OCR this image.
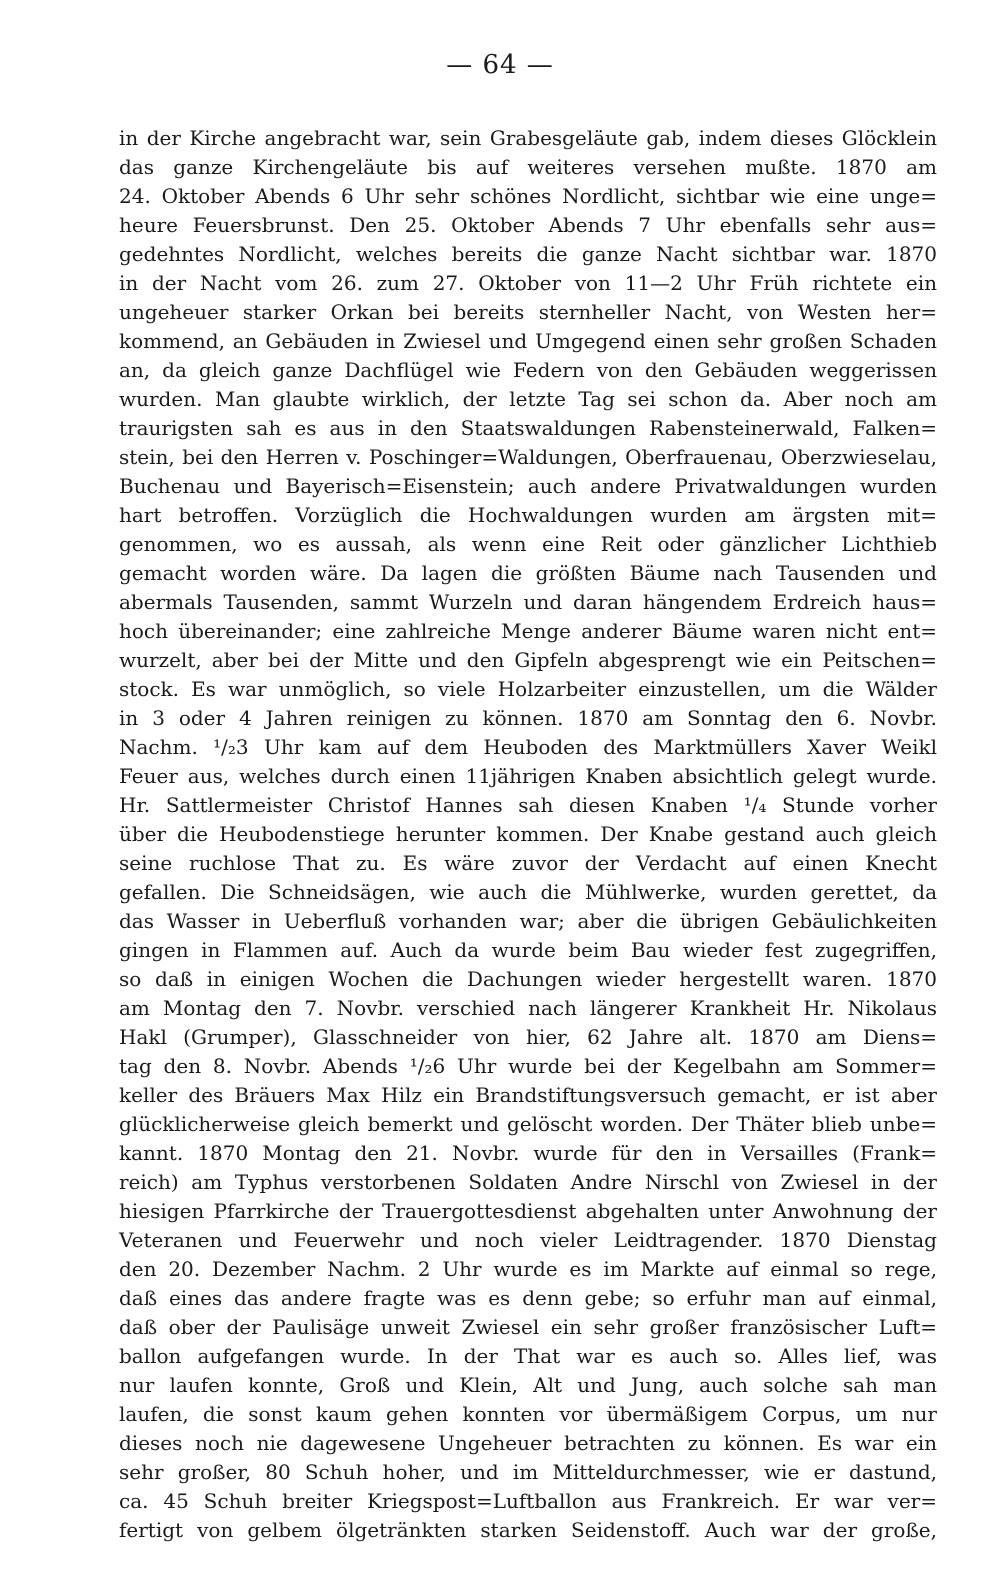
— 64 —
in der Kirche angebracht war, sein Grabesgeläute gab, indem dieses Glöcklein
das ganze Kirchengeläute bis auf weiteres versehen mußte. 1870 am
24. Oktober Abends 6 Uhr sehr schönes Nordlicht, sichtbar wie eine unge=
heure Feuersbrunst. Den 25. Oktober Abends 7 Uhr ebenfalls sehr aus=
gedehntes Nordlicht, welches bereits die ganze Nacht sichtbar war. 1870
in der Nacht vom 26. zum 27. Oktober von 11—2 Uhr Früh richtete ein
ungeheuer starker Orkan bei bereits sternheller Nacht, von Westen her=
kommend, an Gebäuden in Zwiesel und Umgegend einen sehr großen Schaden
an, da gleich ganze Dachflügel wie Federn von den Gebäuden weggerissen
wurden. Man glaubte wirklich, der letzte Tag sei schon da. Aber noch am
traurigsten sah es aus in den Staatswaldungen Rabensteinerwald, Falken=
stein, bei den Herren v. Poschinger=Waldungen, Oberfrauenau, Oberzwieselau,
Buchenau und Bayerisch=Eisenstein; auch andere Privatwaldungen wurden
hart betroffen. Vorzüglich die Hochwaldungen wurden am ärgsten mit=
genommen, wo es aussah, als wenn eine Reit oder gänzlicher Lichthieb
gemacht worden wäre. Da lagen die größten Bäume nach Tausenden und
abermals Tausenden, sammt Wurzeln und daran hängendem Erdreich haus=
hoch übereinander; eine zahlreiche Menge anderer Bäume waren nicht ent=
wurzelt, aber bei der Mitte und den Gipfeln abgesprengt wie ein Peitschen=
stock. Es war unmöglich, so viele Holzarbeiter einzustellen, um die Wälder
in 3 oder 4 Jahren reinigen zu können. 1870 am Sonntag den 6. Novbr.
Nachm. ¹/₂3 Uhr kam auf dem Heuboden des Marktmüllers Xaver Weikl
Feuer aus, welches durch einen 11jährigen Knaben absichtlich gelegt wurde.
Hr. Sattlermeister Christof Hannes sah diesen Knaben ¹/₄ Stunde vorher
über die Heubodenstiege herunter kommen. Der Knabe gestand auch gleich
seine ruchlose That zu. Es wäre zuvor der Verdacht auf einen Knecht
gefallen. Die Schneidsägen, wie auch die Mühlwerke, wurden gerettet, da
das Wasser in Ueberfluß vorhanden war; aber die übrigen Gebäulichkeiten
gingen in Flammen auf. Auch da wurde beim Bau wieder fest zugegriffen,
so daß in einigen Wochen die Dachungen wieder hergestellt waren. 1870
am Montag den 7. Novbr. verschied nach längerer Krankheit Hr. Nikolaus
Hakl (Grumper), Glasschneider von hier, 62 Jahre alt. 1870 am Diens=
tag den 8. Novbr. Abends ¹/₂6 Uhr wurde bei der Kegelbahn am Sommer=
keller des Bräuers Max Hilz ein Brandstiftungsversuch gemacht, er ist aber
glücklicherweise gleich bemerkt und gelöscht worden. Der Thäter blieb unbe=
kannt. 1870 Montag den 21. Novbr. wurde für den in Versailles (Frank=
reich) am Typhus verstorbenen Soldaten Andre Nirschl von Zwiesel in der
hiesigen Pfarrkirche der Trauergottesdienst abgehalten unter Anwohnung der
Veteranen und Feuerwehr und noch vieler Leidtragender. 1870 Dienstag
den 20. Dezember Nachm. 2 Uhr wurde es im Markte auf einmal so rege,
daß eines das andere fragte was es denn gebe; so erfuhr man auf einmal,
daß ober der Paulisäge unweit Zwiesel ein sehr großer französischer Luft=
ballon aufgefangen wurde. In der That war es auch so. Alles lief, was
nur laufen konnte, Groß und Klein, Alt und Jung, auch solche sah man
laufen, die sonst kaum gehen konnten vor übermäßigem Corpus, um nur
dieses noch nie dagewesene Ungeheuer betrachten zu können. Es war ein
sehr großer, 80 Schuh hoher, und im Mitteldurchmesser, wie er dastund,
ca. 45 Schuh breiter Kriegspost=Luftballon aus Frankreich. Er war ver=
fertigt von gelbem ölgetränkten starken Seidenstoff. Auch war der große,
